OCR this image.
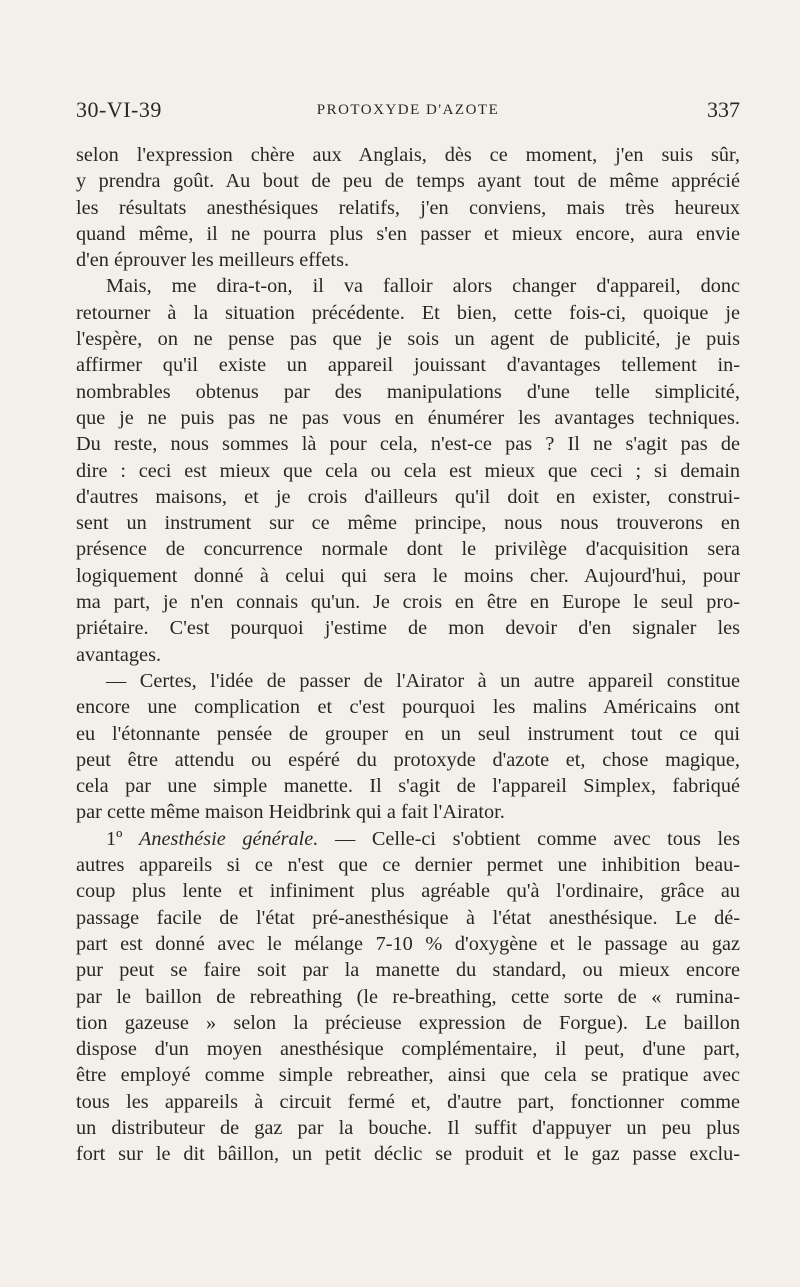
30-VI-39	PROTOXYDE D'AZOTE	337
selon l'expression chère aux Anglais, dès ce moment, j'en suis sûr,
y prendra goût. Au bout de peu de temps ayant tout de même apprécié
les résultats anesthésiques relatifs, j'en conviens, mais très heureux
quand même, il ne pourra plus s'en passer et mieux encore, aura envie
d'en éprouver les meilleurs effets.
Mais, me dira-t-on, il va falloir alors changer d'appareil, donc
retourner à la situation précédente. Et bien, cette fois-ci, quoique je
l'espère, on ne pense pas que je sois un agent de publicité, je puis
affirmer qu'il existe un appareil jouissant d'avantages tellement in-
nombrables obtenus par des manipulations d'une telle simplicité,
que je ne puis pas ne pas vous en énumérer les avantages techniques.
Du reste, nous sommes là pour cela, n'est-ce pas ? Il ne s'agit pas de
dire : ceci est mieux que cela ou cela est mieux que ceci ; si demain
d'autres maisons, et je crois d'ailleurs qu'il doit en exister, construi-
sent un instrument sur ce même principe, nous nous trouverons en
présence de concurrence normale dont le privilège d'acquisition sera
logiquement donné à celui qui sera le moins cher. Aujourd'hui, pour
ma part, je n'en connais qu'un. Je crois en être en Europe le seul pro-
priétaire. C'est pourquoi j'estime de mon devoir d'en signaler les
avantages.
— Certes, l'idée de passer de l'Airator à un autre appareil constitue
encore une complication et c'est pourquoi les malins Américains ont
eu l'étonnante pensée de grouper en un seul instrument tout ce qui
peut être attendu ou espéré du protoxyde d'azote et, chose magique,
cela par une simple manette. Il s'agit de l'appareil Simplex, fabriqué
par cette même maison Heidbrink qui a fait l'Airator.
1º Anesthésie générale. — Celle-ci s'obtient comme avec tous les
autres appareils si ce n'est que ce dernier permet une inhibition beau-
coup plus lente et infiniment plus agréable qu'à l'ordinaire, grâce au
passage facile de l'état pré-anesthésique à l'état anesthésique. Le dé-
part est donné avec le mélange 7-10 % d'oxygène et le passage au gaz
pur peut se faire soit par la manette du standard, ou mieux encore
par le baillon de rebreathing (le re-breathing, cette sorte de « rumina-
tion gazeuse » selon la précieuse expression de Forgue). Le baillon
dispose d'un moyen anesthésique complémentaire, il peut, d'une part,
être employé comme simple rebreather, ainsi que cela se pratique avec
tous les appareils à circuit fermé et, d'autre part, fonctionner comme
un distributeur de gaz par la bouche. Il suffit d'appuyer un peu plus
fort sur le dit bâillon, un petit déclic se produit et le gaz passe exclu-
